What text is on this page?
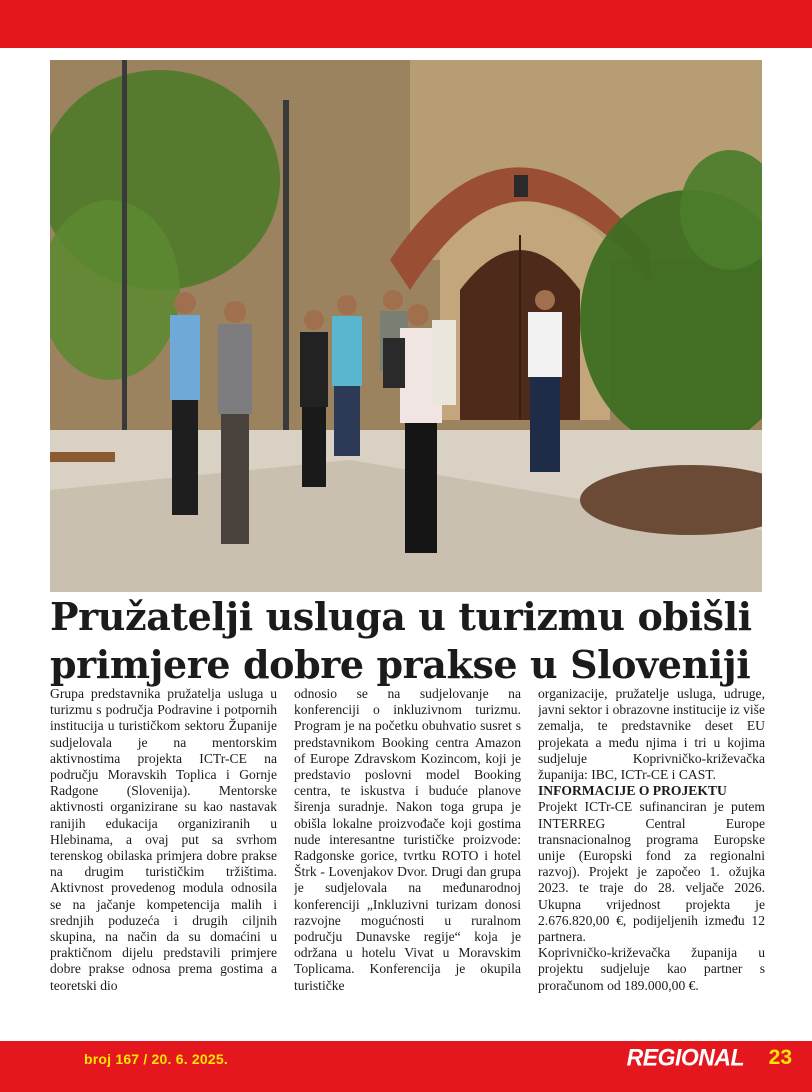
Pružatelji usluga u turizmu obišli primjere dobre prakse u Sloveniji

Grupa predstavnika pružatelja usluga u turizmu s područja Podravine i potpornih institucija u turističkom sektoru Županije sudjelovala je na mentorskim aktivnostima projekta ICTr-CE na području Moravskih Toplica i Gornje Radgone (Slovenija). Mentorske aktivnosti organizirane su kao nastavak ranijih edukacija organiziranih u Hlebinama, a ovaj put sa svrhom terenskog obilaska primjera dobre prakse na drugim turističkim tržištima. Aktivnost provedenog modula odnosila se na jačanje kompetencija malih i srednjih poduzeća i drugih ciljnih skupina, na način da su domaćini u praktičnom dijelu predstavili primjere dobre prakse odnosa prema gostima a teoretski dio

odnosio se na sudjelovanje na konferenciji o inkluzivnom turizmu. Program je na početku obuhvatio susret s predstavnikom Booking centra Amazon of Europe Zdravskom Kozincom, koji je predstavio poslovni model Booking centra, te iskustva i buduće planove širenja suradnje. Nakon toga grupa je obišla lokalne proizvođače koji gostima nude interesantne turističke proizvode: Radgonske gorice, tvrtku ROTO i hotel Štrk - Lovenjakov Dvor. Drugi dan grupa je sudjelovala na međunarodnoj konferenciji „Inkluzivni turizam donosi razvojne mogućnosti u ruralnom području Dunavske regije“ koja je održana u hotelu Vivat u Moravskim Toplicama. Konferencija je okupila turističke

organizacije, pružatelje usluga, udruge, javni sektor i obrazovne institucije iz više zemalja, te predstavnike deset EU projekata a među njima i tri u kojima sudjeluje Koprivničko-križevačka županija: IBC, ICTr-CE i CAST.

INFORMACIJE O PROJEKTU

Projekt ICTr-CE sufinanciran je putem INTERREG Central Europe transnacionalnog programa Europske unije (Europski fond za regionalni razvoj). Projekt je započeo 1. ožujka 2023. te traje do 28. veljače 2026. Ukupna vrijednost projekta je 2.676.820,00 €, podijeljenih između 12 partnera.

Koprivničko-križevačka županija u projektu sudjeluje kao partner s proračunom od 189.000,00 €.

broj 167 / 20. 6. 2025.	REGIONAL 23
